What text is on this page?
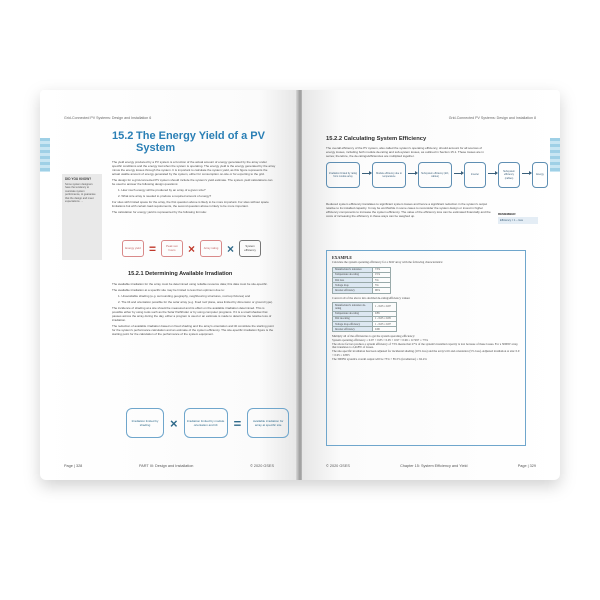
Grid-Connected PV Systems: Design and Installation 6
15.2 The Energy Yield of a PV System
DID YOU KNOW?
Some system designers have the tendency to overstate system performance, to guarantee that the design and meet expectations. ...

The yield energy produced by a PV system is a function of the actual amount of energy generated by the array under specific conditions and the energy lost when the system is operating. The energy yield is the energy generated by the array minus the energy losses through the system. It is important to calculate the system yield, as this figure represents the actual usable amount of energy generated by the system, either for consumption on-site or for exporting to the grid.

The design for a grid-connected PV system should include the system's yield estimate. The system yield calculations can be used to answer the following design questions:

1. How much energy will be produced by an array of a given size?

2. What size array is needed to produce a required amount of energy?

For sites with limited space for the array, the first question above is likely to be more important. For sites without space limitations but with certain load requirements, the second question above is likely to be more important.

The calculation for energy yield is represented by the following formula:

Energy yield =	Peak sun hours	×	Array rating ×	System efficiency
15.2.1 Determining Available Irradiation

The available irradiation for the array must be determined using reliable resource data; this data must be site-specific.

The available irradiation at a specific site may be limited to less than optimum due to:

1. Unavoidable shading (e.g. surrounding geography, neighbouring structures, roof-top fixtures) and

2. The tilt and orientation possible for the solar array (e.g. fixed roof plane, area limited by dimension or ground type).

The incidence of shading at a site should be measured and its effect on the available irradiation determined. This is possible either by using tools such as the Solar Pathfinder or by using computer programs. If it is a small shadow that passes across the array during the day, either a program is used or an estimate is made to determine the relative loss of irradiation.

The reduction of available irradiation based on fixed shading and the array's orientation and tilt constitute the starting point for the system's performance calculation and an estimate of the system efficiency. The site-specific irradiation figure is the starting point for the calculation of the performance of the system equipment.

Irradiation limited by shading	×	Irradiation limited by module orientation and tilt	=	Available irradiation for array at specific site
Page | 328	PART III: Design and Installation	© 2020 GSES
Grid-Connected PV Systems: Design and Installation 8
15.2.2 Calculating System Efficiency
The overall efficiency of the PV system, also called the system's operating efficiency, should account for all sources of energy losses, including both module de-rating and sub-system losses, as outlined in Section 15.1. These losses are in series; therefore, the de-ratings/efficiencies are multiplied together.
Irradiation limited by rating from module array
Module efficiency due to temperature
Subsystem efficiency (dirt, cables)
Inverter
Subsystem efficiency (cables)
Energy
Reduced system efficiency translates to significant system losses and hence a significant reduction in the system's output relative to its installed capacity. It may be worthwhile in some cases to reconsider the system design or invest in higher efficiency components to increase the system efficiency. The value of the efficiency loss can be estimated financially and the costs of increasing the efficiency in these ways can be weighed up.	REMEMBER
Efficiency = 1 – loss
EXAMPLE
Calculate the system operating efficiency for a 3kW array with the following characteristics:
Manufacturer's tolerance	±3%
Temperature de-rating	15%
Dirt loss	5%
Voltage drop	3%
Inverter efficiency	96%
Convert all of the above into decimal de-rating/efficiency values:
Manufacturer's tolerance de-rating	1 - 0.03 = 0.97
Temperature de-rating	0.85
Dirt de-rating	1 - 0.05 = 0.95
Voltage drop efficiency	1 - 0.03 = 0.97
Inverter efficiency	0.96
Multiply all of the efficiencies to get the system operating efficiency:
System operating efficiency = 0.97 × 0.85 × 0.95 × 0.97 × 0.96 = 0.7297 = 73%
The above factors produce a system efficiency of 73% means that 27% of the system's installed capacity is lost because of these losses. For a 3000W array, that translates to 2,418W of losses.
The site-specific irradiation has been adjusted for incidental shading (10% loss) and the array's tilt and orientation (5% loss). Adjusted irradiation at site: 0.9 × 0.95 = 0.855
The 3000W system's overall output will be 73% × 85.5% (irradiation) = 62.4%
© 2020 GSES	Chapter 15: System Efficiency and Yield	Page | 329
